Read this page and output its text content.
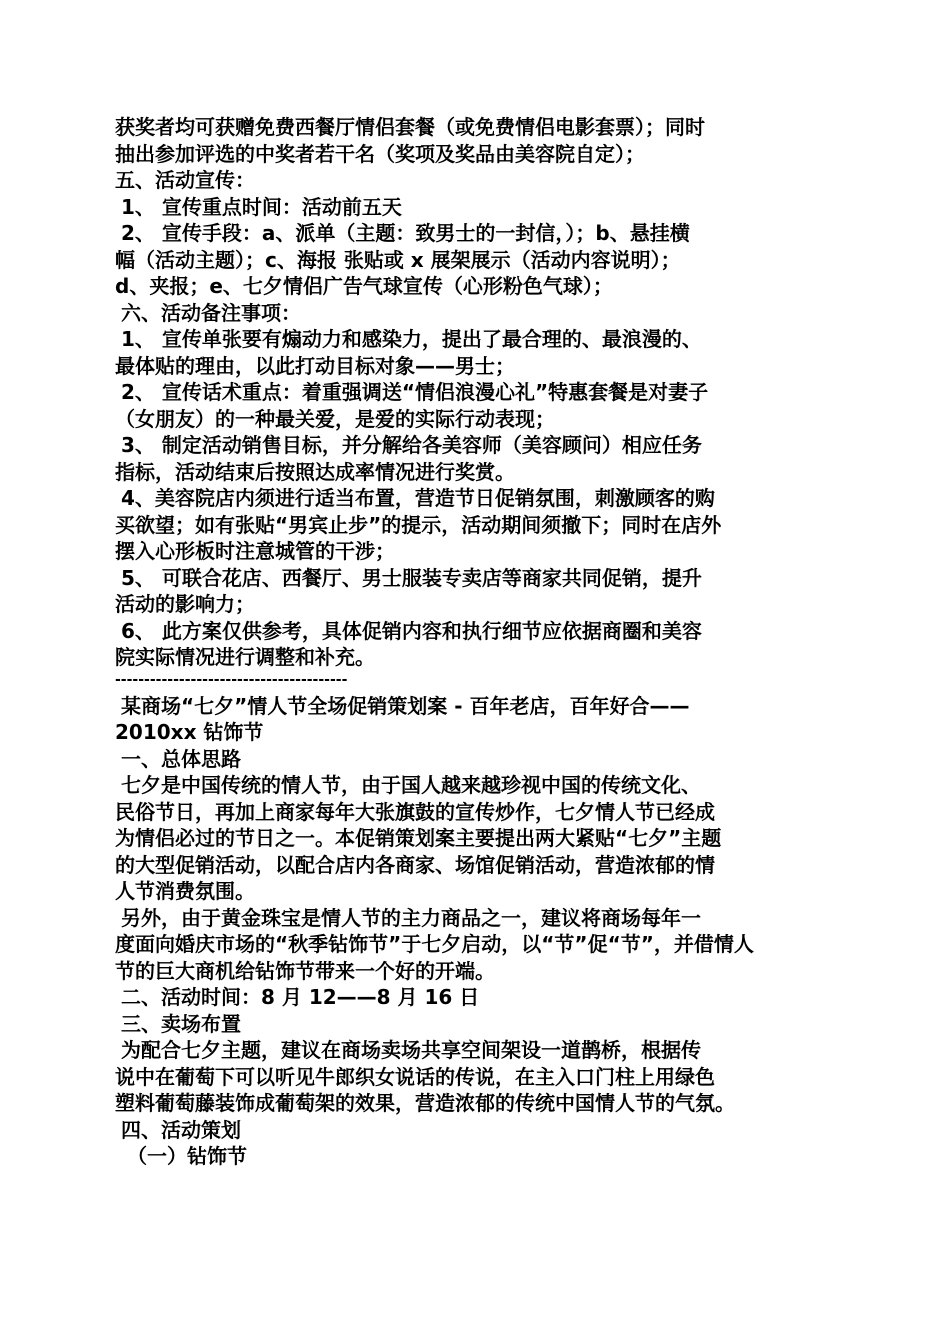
获奖者均可获赠免费西餐厅情侣套餐（或免费情侣电影套票）；同时
抽出参加评选的中奖者若干名（奖项及奖品由美容院自定）；
五、活动宣传：
1、 宣传重点时间：活动前五天
2、 宣传手段：a、派单（主题：致男士的一封信，）；b、悬挂横
幅（活动主题）；c、海报 张贴或 x 展架展示（活动内容说明）；
d、夹报；e、七夕情侣广告气球宣传（心形粉色气球）；
六、活动备注事项：
1、 宣传单张要有煽动力和感染力，提出了最合理的、最浪漫的、
最体贴的理由，以此打动目标对象——男士；
2、 宣传话术重点：着重强调送“情侣浪漫心礼”特惠套餐是对妻子
（女朋友）的一种最关爱，是爱的实际行动表现；
3、 制定活动销售目标，并分解给各美容师（美容顾问）相应任务
指标，活动结束后按照达成率情况进行奖赏。
4、美容院店内须进行适当布置，营造节日促销氛围，刺激顾客的购
买欲望；如有张贴“男宾止步”的提示，活动期间须撤下；同时在店外
摆入心形板时注意城管的干涉；
5、 可联合花店、西餐厅、男士服装专卖店等商家共同促销，提升
活动的影响力；
6、 此方案仅供参考，具体促销内容和执行细节应依据商圈和美容
院实际情况进行调整和补充。
----------------------------------------
某商场“七夕”情人节全场促销策划案 - 百年老店，百年好合——
2010xx 钻饰节
一、总体思路
七夕是中国传统的情人节，由于国人越来越珍视中国的传统文化、
民俗节日，再加上商家每年大张旗鼓的宣传炒作，七夕情人节已经成
为情侣必过的节日之一。本促销策划案主要提出两大紧贴“七夕”主题
的大型促销活动，以配合店内各商家、场馆促销活动，营造浓郁的情
人节消费氛围。
另外，由于黄金珠宝是情人节的主力商品之一，建议将商场每年一
度面向婚庆市场的“秋季钻饰节”于七夕启动，以“节”促“节”，并借情人
节的巨大商机给钻饰节带来一个好的开端。
二、活动时间：8 月 12——8 月 16 日
三、卖场布置
为配合七夕主题，建议在商场卖场共享空间架设一道鹊桥，根据传
说中在葡萄下可以听见牛郎织女说话的传说，在主入口门柱上用绿色
塑料葡萄藤装饰成葡萄架的效果，营造浓郁的传统中国情人节的气氛。
四、活动策划
（一）钻饰节
